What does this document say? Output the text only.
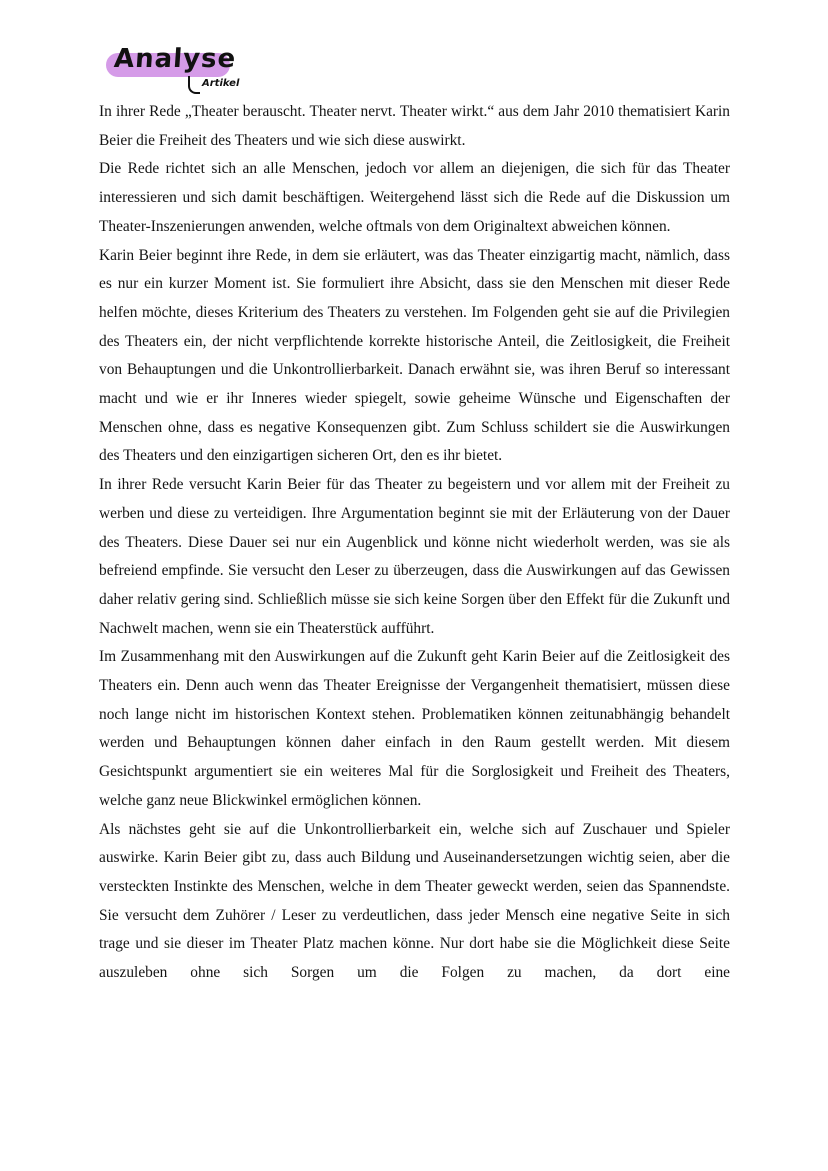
Analyse
Artikel

In ihrer Rede „Theater berauscht. Theater nervt. Theater wirkt.“ aus dem Jahr 2010 thematisiert Karin Beier die Freiheit des Theaters und wie sich diese auswirkt.

Die Rede richtet sich an alle Menschen, jedoch vor allem an diejenigen, die sich für das Theater interessieren und sich damit beschäftigen. Weitergehend lässt sich die Rede auf die Diskussion um Theater-Inszenierungen anwenden, welche oftmals von dem Originaltext abweichen können.

Karin Beier beginnt ihre Rede, in dem sie erläutert, was das Theater einzigartig macht, nämlich, dass es nur ein kurzer Moment ist. Sie formuliert ihre Absicht, dass sie den Menschen mit dieser Rede helfen möchte, dieses Kriterium des Theaters zu verstehen. Im Folgenden geht sie auf die Privilegien des Theaters ein, der nicht verpflichtende korrekte historische Anteil, die Zeitlosigkeit, die Freiheit von Behauptungen und die Unkontrollierbarkeit. Danach erwähnt sie, was ihren Beruf so interessant macht und wie er ihr Inneres wieder spiegelt, sowie geheime Wünsche und Eigenschaften der Menschen ohne, dass es negative Konsequenzen gibt. Zum Schluss schildert sie die Auswirkungen des Theaters und den einzigartigen sicheren Ort, den es ihr bietet.

In ihrer Rede versucht Karin Beier für das Theater zu begeistern und vor allem mit der Freiheit zu werben und diese zu verteidigen. Ihre Argumentation beginnt sie mit der Erläuterung von der Dauer des Theaters. Diese Dauer sei nur ein Augenblick und könne nicht wiederholt werden, was sie als befreiend empfinde. Sie versucht den Leser zu überzeugen, dass die Auswirkungen auf das Gewissen daher relativ gering sind. Schließlich müsse sie sich keine Sorgen über den Effekt für die Zukunft und Nachwelt machen, wenn sie ein Theaterstück aufführt.

Im Zusammenhang mit den Auswirkungen auf die Zukunft geht Karin Beier auf die Zeitlosigkeit des Theaters ein. Denn auch wenn das Theater Ereignisse der Vergangenheit thematisiert, müssen diese noch lange nicht im historischen Kontext stehen. Problematiken können zeitunabhängig behandelt werden und Behauptungen können daher einfach in den Raum gestellt werden. Mit diesem Gesichtspunkt argumentiert sie ein weiteres Mal für die Sorglosigkeit und Freiheit des Theaters, welche ganz neue Blickwinkel ermöglichen können.

Als nächstes geht sie auf die Unkontrollierbarkeit ein, welche sich auf Zuschauer und Spieler auswirke. Karin Beier gibt zu, dass auch Bildung und Auseinandersetzungen wichtig seien, aber die versteckten Instinkte des Menschen, welche in dem Theater geweckt werden, seien das Spannendste. Sie versucht dem Zuhörer / Leser zu verdeutlichen, dass jeder Mensch eine negative Seite in sich trage und sie dieser im Theater Platz machen könne. Nur dort habe sie die Möglichkeit diese Seite auszuleben ohne sich Sorgen um die Folgen zu machen, da dort eine
